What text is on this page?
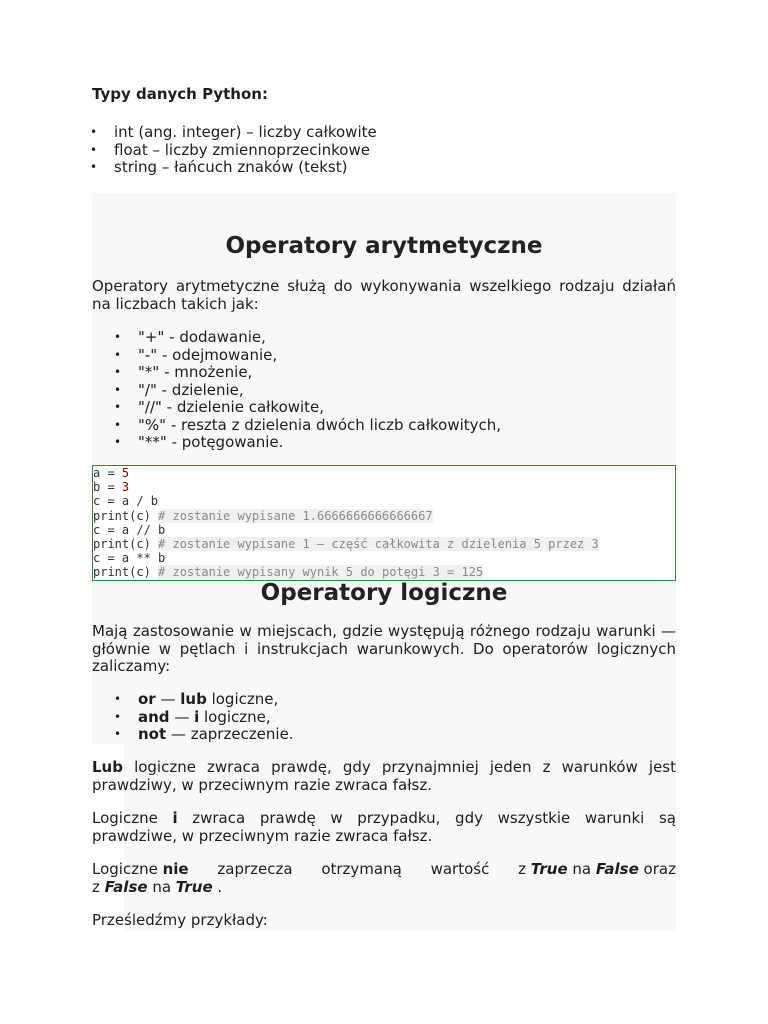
Typy danych Python:
• int (ang. integer) – liczby całkowite
• float – liczby zmiennoprzecinkowe
• string – łańcuch znaków (tekst)
Operatory arytmetyczne

Operatory arytmetyczne służą do wykonywania wszelkiego rodzaju działań na liczbach takich jak:

• "+" - dodawanie,
• "-" - odejmowanie,
• "*" - mnożenie,
• "/" - dzielenie,
• "//" - dzielenie całkowite,
• "%" - reszta z dzielenia dwóch liczb całkowitych,
• "**" - potęgowanie.
a = 5
b = 3
c = a / b
print(c) # zostanie wypisane 1.6666666666666667
c = a // b
print(c) # zostanie wypisane 1 – część całkowita z dzielenia 5 przez 3
c = a ** b
print(c) # zostanie wypisany wynik 5 do potęgi 3 = 125
Operatory logiczne

Mają zastosowanie w miejscach, gdzie występują różnego rodzaju warunki — głównie w pętlach i instrukcjach warunkowych. Do operatorów logicznych zaliczamy:

• or — lub logiczne,
• and — i logiczne,
• not — zaprzeczenie.

Lub logiczne zwraca prawdę, gdy przynajmniej jeden z warunków jest prawdziwy, w przeciwnym razie zwraca fałsz.

Logiczne i zwraca prawdę w przypadku, gdy wszystkie warunki są prawdziwe, w przeciwnym razie zwraca fałsz.

Logiczne nie zaprzecza otrzymaną wartość z True na False oraz
z False na True .

Prześledźmy przykłady:
